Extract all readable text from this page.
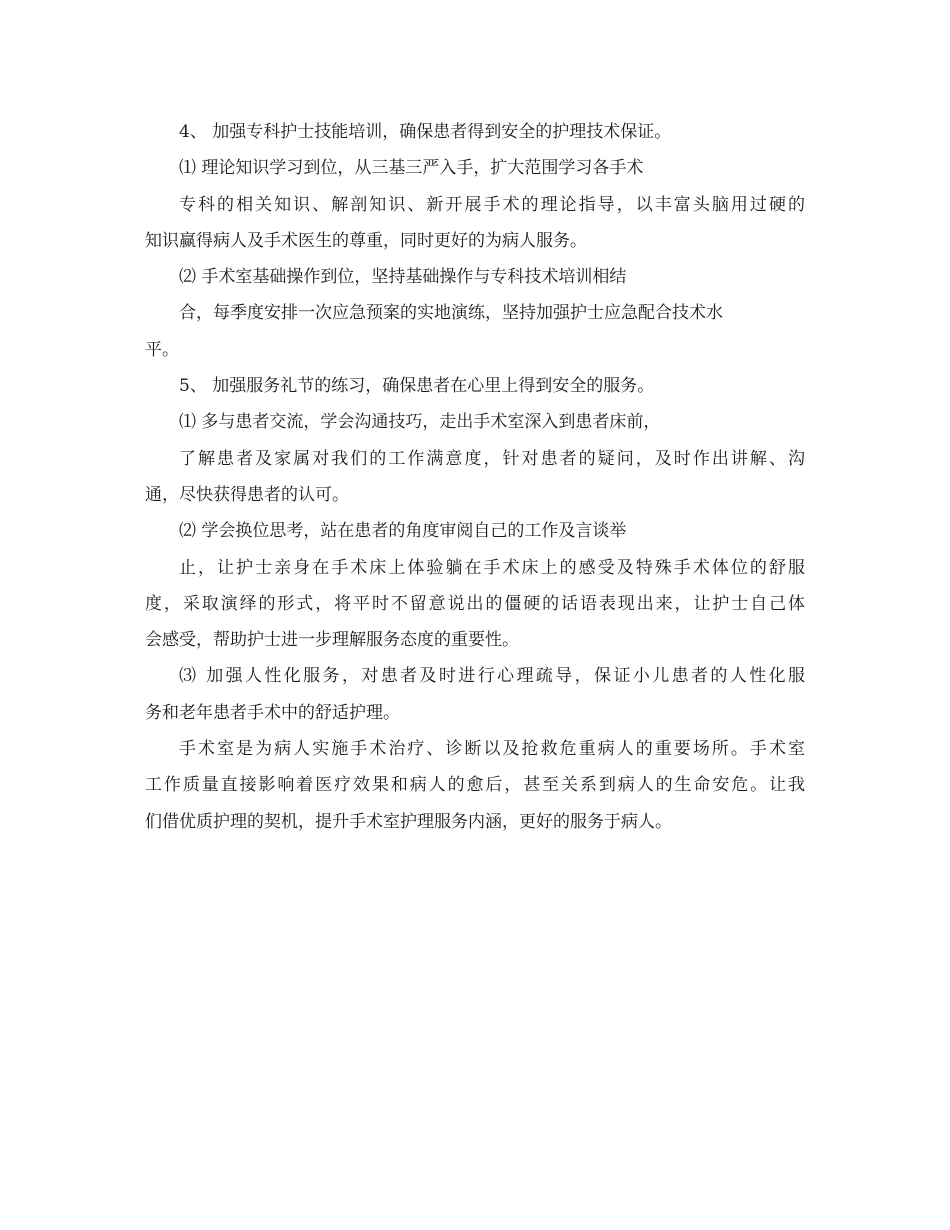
4、 加强专科护士技能培训，确保患者得到安全的护理技术保证。
⑴ 理论知识学习到位，从三基三严入手，扩大范围学习各手术
专科的相关知识、解剖知识、新开展手术的理论指导，以丰富头脑用过硬的
知识赢得病人及手术医生的尊重，同时更好的为病人服务。
⑵ 手术室基础操作到位，坚持基础操作与专科技术培训相结
合，每季度安排一次应急预案的实地演练，坚持加强护士应急配合技术水
平。
5、 加强服务礼节的练习，确保患者在心里上得到安全的服务。
⑴ 多与患者交流，学会沟通技巧，走出手术室深入到患者床前，
了解患者及家属对我们的工作满意度，针对患者的疑问，及时作出讲解、沟
通，尽快获得患者的认可。
⑵ 学会换位思考，站在患者的角度审阅自己的工作及言谈举
止，让护士亲身在手术床上体验躺在手术床上的感受及特殊手术体位的舒服
度，采取演绎的形式，将平时不留意说出的僵硬的话语表现出来，让护士自己体
会感受，帮助护士进一步理解服务态度的重要性。
⑶ 加强人性化服务，对患者及时进行心理疏导，保证小儿患者的人性化服
务和老年患者手术中的舒适护理。
手术室是为病人实施手术治疗、诊断以及抢救危重病人的重要场所。手术室
工作质量直接影响着医疗效果和病人的愈后，甚至关系到病人的生命安危。让我
们借优质护理的契机，提升手术室护理服务内涵，更好的服务于病人。
